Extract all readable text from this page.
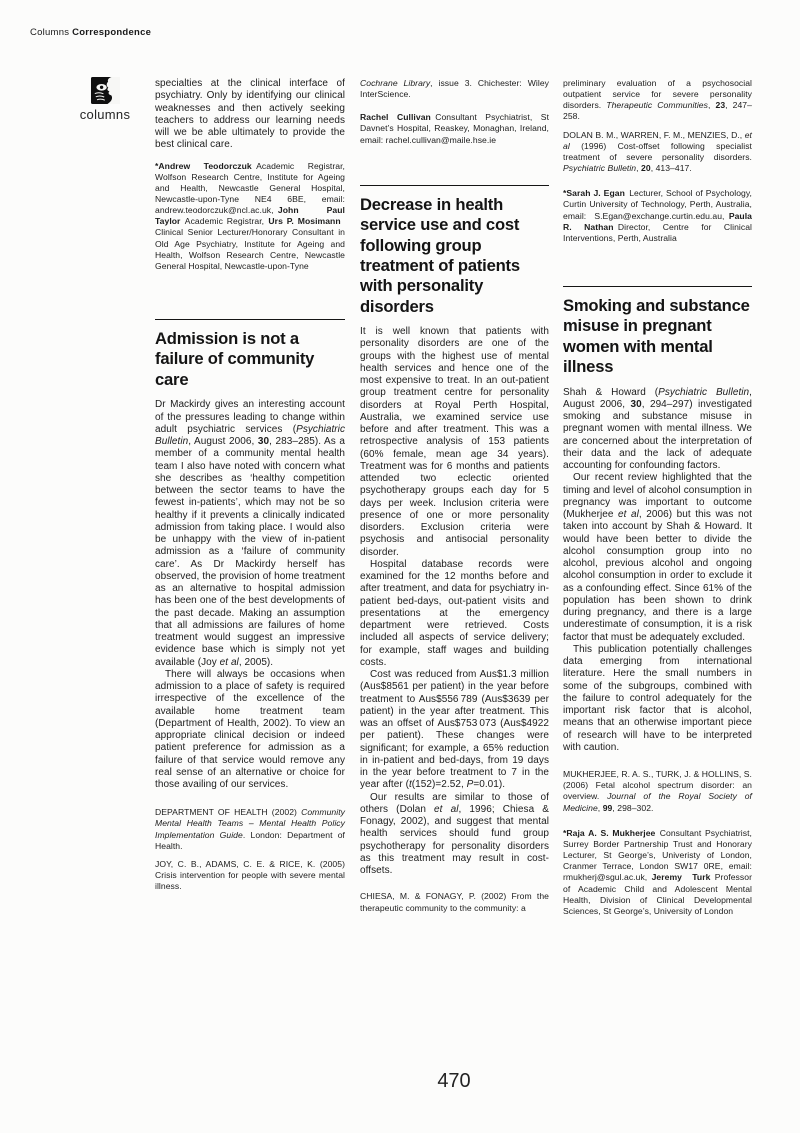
Columns Correspondence
columns

specialties at the clinical interface of psychiatry. Only by identifying our clinical weaknesses and then actively seeking teachers to address our learning needs will we be able ultimately to provide the best clinical care.

*Andrew Teodorczuk Academic Registrar, Wolfson Research Centre, Institute for Ageing and Health, Newcastle General Hospital, Newcastle-upon-Tyne NE4 6BE, email: andrew.teodorczuk@ncl.ac.uk, John Paul Taylor Academic Registrar, Urs P. Mosimann Clinical Senior Lecturer/Honorary Consultant in Old Age Psychiatry, Institute for Ageing and Health, Wolfson Research Centre, Newcastle General Hospital, Newcastle-upon-Tyne

Admission is not a failure of community care

Dr Mackirdy gives an interesting account of the pressures leading to change within adult psychiatric services (Psychiatric Bulletin, August 2006, 30, 283–285). As a member of a community mental health team I also have noted with concern what she describes as ‘healthy competition between the sector teams to have the fewest in-patients’, which may not be so healthy if it prevents a clinically indicated admission from taking place. I would also be unhappy with the view of in-patient admission as a ‘failure of community care’. As Dr Mackirdy herself has observed, the provision of home treatment as an alternative to hospital admission has been one of the best developments of the past decade. Making an assumption that all admissions are failures of home treatment would suggest an impressive evidence base which is simply not yet available (Joy et al, 2005).

There will always be occasions when admission to a place of safety is required irrespective of the excellence of the available home treatment team (Department of Health, 2002). To view an appropriate clinical decision or indeed patient preference for admission as a failure of that service would remove any real sense of an alternative or choice for those availing of our services.

DEPARTMENT OF HEALTH (2002) Community Mental Health Teams – Mental Health Policy Implementation Guide. London: Department of Health.

JOY, C. B., ADAMS, C. E. & RICE, K. (2005) Crisis intervention for people with severe mental illness.

Cochrane Library, issue 3. Chichester: Wiley InterScience.

Rachel Cullivan Consultant Psychiatrist, St Davnet’s Hospital, Reaskey, Monaghan, Ireland, email: rachel.cullivan@maile.hse.ie

Decrease in health service use and cost following group treatment of patients with personality disorders

It is well known that patients with personality disorders are one of the groups with the highest use of mental health services and hence one of the most expensive to treat. In an out-patient group treatment centre for personality disorders at Royal Perth Hospital, Australia, we examined service use before and after treatment. This was a retrospective analysis of 153 patients (60% female, mean age 34 years). Treatment was for 6 months and patients attended two eclectic oriented psychotherapy groups each day for 5 days per week. Inclusion criteria were presence of one or more personality disorders. Exclusion criteria were psychosis and antisocial personality disorder.

Hospital database records were examined for the 12 months before and after treatment, and data for psychiatry in-patient bed-days, out-patient visits and presentations at the emergency department were retrieved. Costs included all aspects of service delivery; for example, staff wages and building costs.

Cost was reduced from Aus$1.3 million (Aus$8561 per patient) in the year before treatment to Aus$556 789 (Aus$3639 per patient) in the year after treatment. This was an offset of Aus$753 073 (Aus$4922 per patient). These changes were significant; for example, a 65% reduction in in-patient and bed-days, from 19 days in the year before treatment to 7 in the year after (t(152)=2.52, P=0.01).

Our results are similar to those of others (Dolan et al, 1996; Chiesa & Fonagy, 2002), and suggest that mental health services should fund group psychotherapy for personality disorders as this treatment may result in cost-offsets.

CHIESA, M. & FONAGY, P. (2002) From the therapeutic community to the community: a

preliminary evaluation of a psychosocial outpatient service for severe personality disorders. Therapeutic Communities, 23, 247–258.

DOLAN B. M., WARREN, F. M., MENZIES, D., et al (1996) Cost-offset following specialist treatment of severe personality disorders. Psychiatric Bulletin, 20, 413–417.

*Sarah J. Egan Lecturer, School of Psychology, Curtin University of Technology, Perth, Australia, email: S.Egan@exchange.curtin.edu.au, Paula R. Nathan Director, Centre for Clinical Interventions, Perth, Australia

Smoking and substance misuse in pregnant women with mental illness

Shah & Howard (Psychiatric Bulletin, August 2006, 30, 294–297) investigated smoking and substance misuse in pregnant women with mental illness. We are concerned about the interpretation of their data and the lack of adequate accounting for confounding factors.

Our recent review highlighted that the timing and level of alcohol consumption in pregnancy was important to outcome (Mukherjee et al, 2006) but this was not taken into account by Shah & Howard. It would have been better to divide the alcohol consumption group into no alcohol, previous alcohol and ongoing alcohol consumption in order to exclude it as a confounding effect. Since 61% of the population has been shown to drink during pregnancy, and there is a large underestimate of consumption, it is a risk factor that must be adequately excluded.

This publication potentially challenges data emerging from international literature. Here the small numbers in some of the subgroups, combined with the failure to control adequately for the important risk factor that is alcohol, means that an otherwise important piece of research will have to be interpreted with caution.

MUKHERJEE, R. A. S., TURK, J. & HOLLINS, S. (2006) Fetal alcohol spectrum disorder: an overview. Journal of the Royal Society of Medicine, 99, 298–302.

*Raja A. S. Mukherjee Consultant Psychiatrist, Surrey Border Partnership Trust and Honorary Lecturer, St George’s, Univeristy of London, Cranmer Terrace, London SW17 0RE, email: rmukherj@sgul.ac.uk, Jeremy Turk Professor of Academic Child and Adolescent Mental Health, Division of Clinical Developmental Sciences, St George’s, University of London

470
